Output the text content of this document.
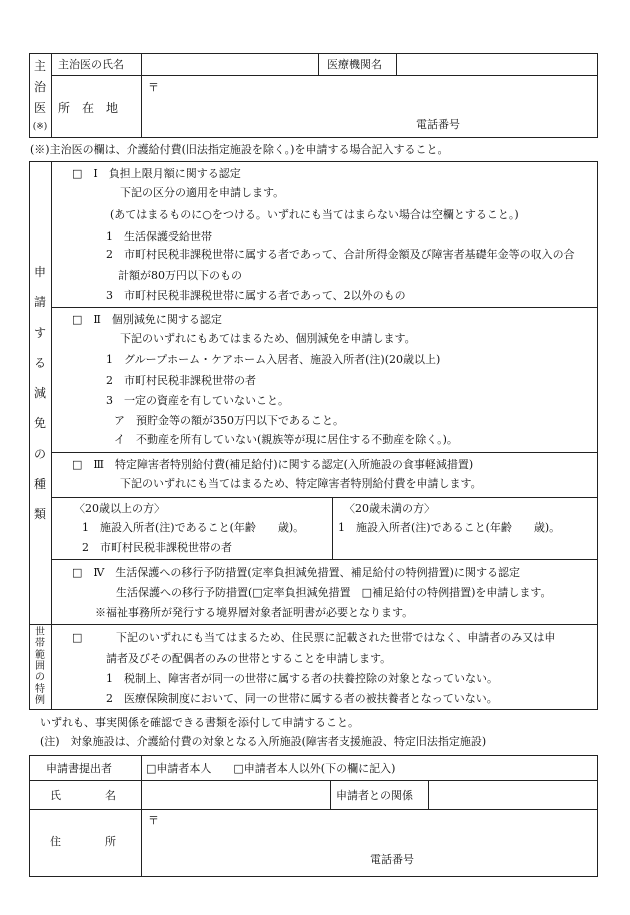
主
治
医
(※)
主治医の氏名	医療機関名
所　在　地
〒
電話番号
(※)主治医の欄は、介護給付費(旧法指定施設を除く。)を申請する場合記入すること。
申
請
す
る
減
免
の
種
類
□　Ⅰ　負担上限月額に関する認定
下記の区分の適用を申請します。
(あてはまるものに○をつける。いずれにも当てはまらない場合は空欄とすること。)
1　生活保護受給世帯
2　市町村民税非課税世帯に属する者であって、合計所得金額及び障害者基礎年金等の収入の合
計額が80万円以下のもの
3　市町村民税非課税世帯に属する者であって、2以外のもの
□　Ⅱ　個別減免に関する認定
下記のいずれにもあてはまるため、個別減免を申請します。
1　グループホーム・ケアホーム入居者、施設入所者(注)(20歳以上)
2　市町村民税非課税世帯の者
3　一定の資産を有していないこと。
ア　預貯金等の額が350万円以下であること。
イ　不動産を所有していない(親族等が現に居住する不動産を除く。)。
□　Ⅲ　特定障害者特別給付費(補足給付)に関する認定(入所施設の食事軽減措置)
下記のいずれにも当てはまるため、特定障害者特別給付費を申請します。
〈20歳以上の方〉
1　施設入所者(注)であること(年齢　　歳)。
2　市町村民税非課税世帯の者
〈20歳未満の方〉
1　施設入所者(注)であること(年齢　　歳)。
□　Ⅳ　生活保護への移行予防措置(定率負担減免措置、補足給付の特例措置)に関する認定
生活保護への移行予防措置(□定率負担減免措置　□補足給付の特例措置)を申請します。
※福祉事務所が発行する境界層対象者証明書が必要となります。
世
帯
範
囲
の
特
例
□	下記のいずれにも当てはまるため、住民票に記載された世帯ではなく、申請者のみ又は申
請者及びその配偶者のみの世帯とすることを申請します。
1　税制上、障害者が同一の世帯に属する者の扶養控除の対象となっていない。
2　医療保険制度において、同一の世帯に属する者の被扶養者となっていない。
いずれも、事実関係を確認できる書類を添付して申請すること。
(注)　対象施設は、介護給付費の対象となる入所施設(障害者支援施設、特定旧法指定施設)
申請書提出者	□申請者本人　　□申請者本人以外(下の欄に記入)
氏　　　　名	申請者との関係
住　　　　所
〒
電話番号
